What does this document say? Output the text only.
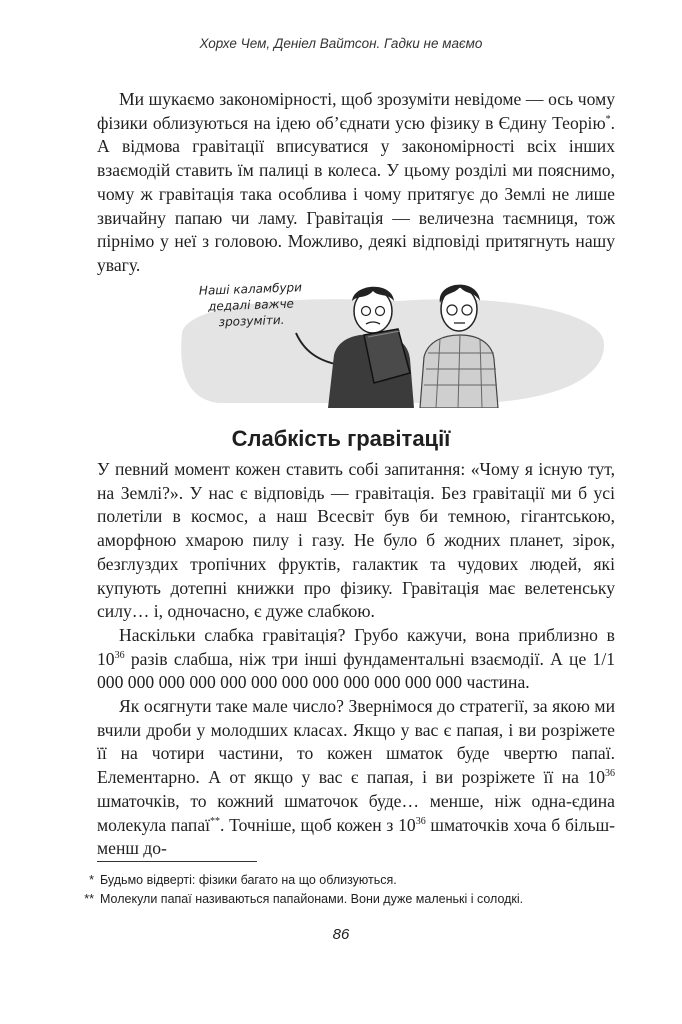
Хорхе Чем, Деніел Вайтсон. Гадки не маємо

Ми шукаємо закономірності, щоб зрозуміти невідоме — ось чому фізики облизуються на ідею об’єднати усю фізику в Єдину Теорію*. А відмова гравітації вписуватися у закономірності всіх інших взаємодій ставить їм палиці в колеса. У цьому розділі ми пояснимо, чому ж гравітація така особлива і чому притягує до Землі не лише звичайну папаю чи ламу. Гравітація — величезна таємниця, тож пірнімо у неї з головою. Можливо, деякі відповіді притягнуть нашу увагу.

Наші каламбури
дедалі важче
зрозуміти.
Слабкість гравітації

У певний момент кожен ставить собі запитання: «Чому я існую тут, на Землі?». У нас є відповідь — гравітація. Без гравітації ми б усі полетіли в космос, а наш Всесвіт був би темною, гігантською, аморфною хмарою пилу і газу. Не було б жодних планет, зірок, безглуздих тропічних фруктів, галактик та чудових людей, які купують дотепні книжки про фізику. Гравітація має велетенську силу… і, одночасно, є дуже слабкою.

Наскільки слабка гравітація? Грубо кажучи, вона приблизно в $10^{36}$ разів слабша, ніж три інші фундаментальні взаємодії. А це 1/1 000 000 000 000 000 000 000 000 000 000 000 000 частина.

Як осягнути таке мале число? Звернімося до стратегії, за якою ми вчили дроби у молодших класах. Якщо у вас є папая, і ви розріжете її на чотири частини, то кожен шматок буде чвертю папаї. Елементарно. А от якщо у вас є папая, і ви розріжете її на $10^{36}$ шматочків, то кожний шматочок буде… менше, ніж одна-єдина молекула папаї**. Точніше, щоб кожен з $10^{36}$ шматочків хоча б більш-менш до-

* Будьмо відверті: фізики багато на що облизуються.
** Молекули папаї називаються папайонами. Вони дуже маленькі і солодкі.
86
